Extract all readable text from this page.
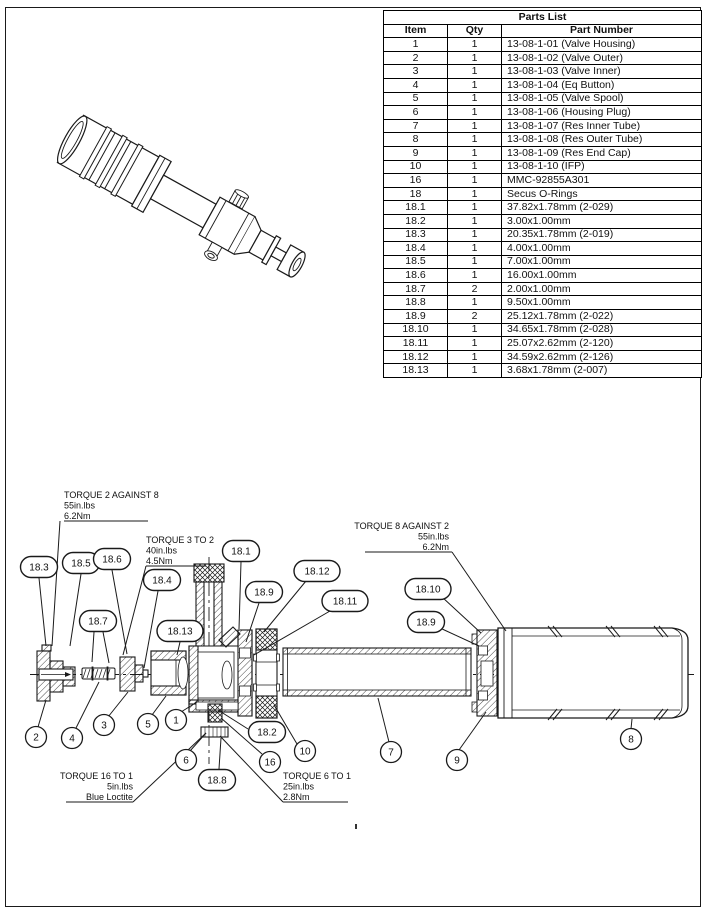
TORQUE 2 AGAINST 8
55in.lbs
6.2Nm
TORQUE 3 TO 2
40in.lbs
4.5Nm
TORQUE 8 AGAINST 2
55in.lbs
6.2Nm
TORQUE 16 TO 1
5in.lbs
Blue Loctite
TORQUE 6 TO 1
25in.lbs
2.8Nm
18.3 18.5 18.6
18.7
18.4
18.13
18.1
18.9
18.12
18.11
18.10
18.9
18.2
18.8
2	4
3	5 1
6	16
10	7
9
8
Parts List		
Item	Qty	Part Number
1	1	13-08-1-01 (Valve Housing)
2	1	13-08-1-02 (Valve Outer)
3	1	13-08-1-03 (Valve Inner)
4	1	13-08-1-04 (Eq Button)
5	1	13-08-1-05 (Valve Spool)
6	1	13-08-1-06 (Housing Plug)
7	1	13-08-1-07 (Res Inner Tube)
8	1	13-08-1-08 (Res Outer Tube)
9	1	13-08-1-09 (Res End Cap)
10	1	13-08-1-10 (IFP)
16	1	MMC-92855A301
18	1	Secus O-Rings
18.1	1	37.82x1.78mm (2-029)
18.2	1	3.00x1.00mm
18.3	1	20.35x1.78mm (2-019)
18.4	1	4.00x1.00mm
18.5	1	7.00x1.00mm
18.6	1	16.00x1.00mm
18.7	2	2.00x1.00mm
18.8	1	9.50x1.00mm
18.9	2	25.12x1.78mm (2-022)
18.10	1	34.65x1.78mm (2-028)
18.11	1	25.07x2.62mm (2-120)
18.12	1	34.59x2.62mm (2-126)
18.13	1	3.68x1.78mm (2-007)
